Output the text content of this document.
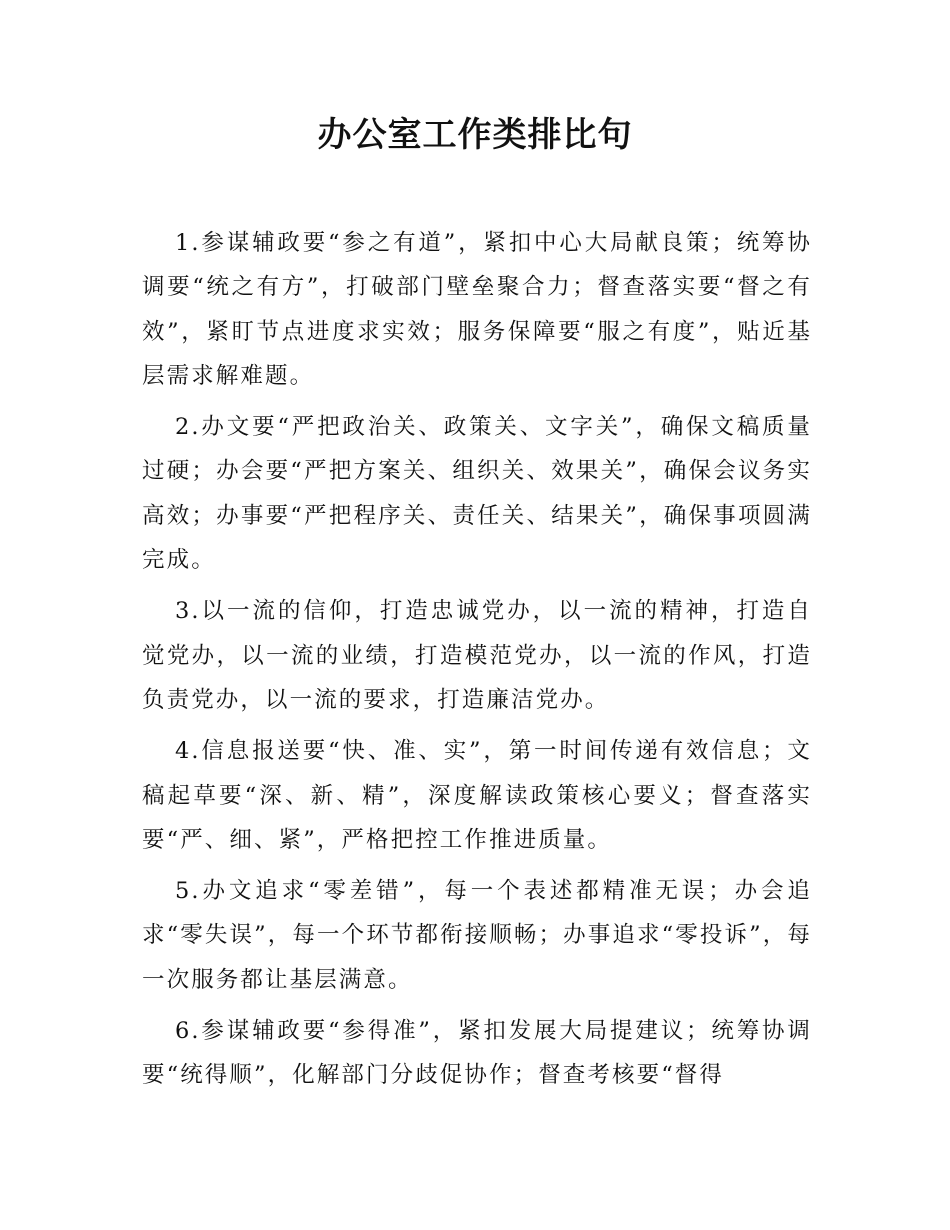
办公室工作类排比句

1.参谋辅政要“参之有道”，紧扣中心大局献良策；统筹协调要“统之有方”，打破部门壁垒聚合力；督查落实要“督之有效”，紧盯节点进度求实效；服务保障要“服之有度”，贴近基层需求解难题。

2.办文要“严把政治关、政策关、文字关”，确保文稿质量过硬；办会要“严把方案关、组织关、效果关”，确保会议务实高效；办事要“严把程序关、责任关、结果关”，确保事项圆满完成。

3.以一流的信仰，打造忠诚党办，以一流的精神，打造自觉党办，以一流的业绩，打造模范党办，以一流的作风，打造负责党办，以一流的要求，打造廉洁党办。

4.信息报送要“快、准、实”，第一时间传递有效信息；文稿起草要“深、新、精”，深度解读政策核心要义；督查落实要“严、细、紧”，严格把控工作推进质量。

5.办文追求“零差错”，每一个表述都精准无误；办会追求“零失误”，每一个环节都衔接顺畅；办事追求“零投诉”，每一次服务都让基层满意。

6.参谋辅政要“参得准”，紧扣发展大局提建议；统筹协调要“统得顺”，化解部门分歧促协作；督查考核要“督得
